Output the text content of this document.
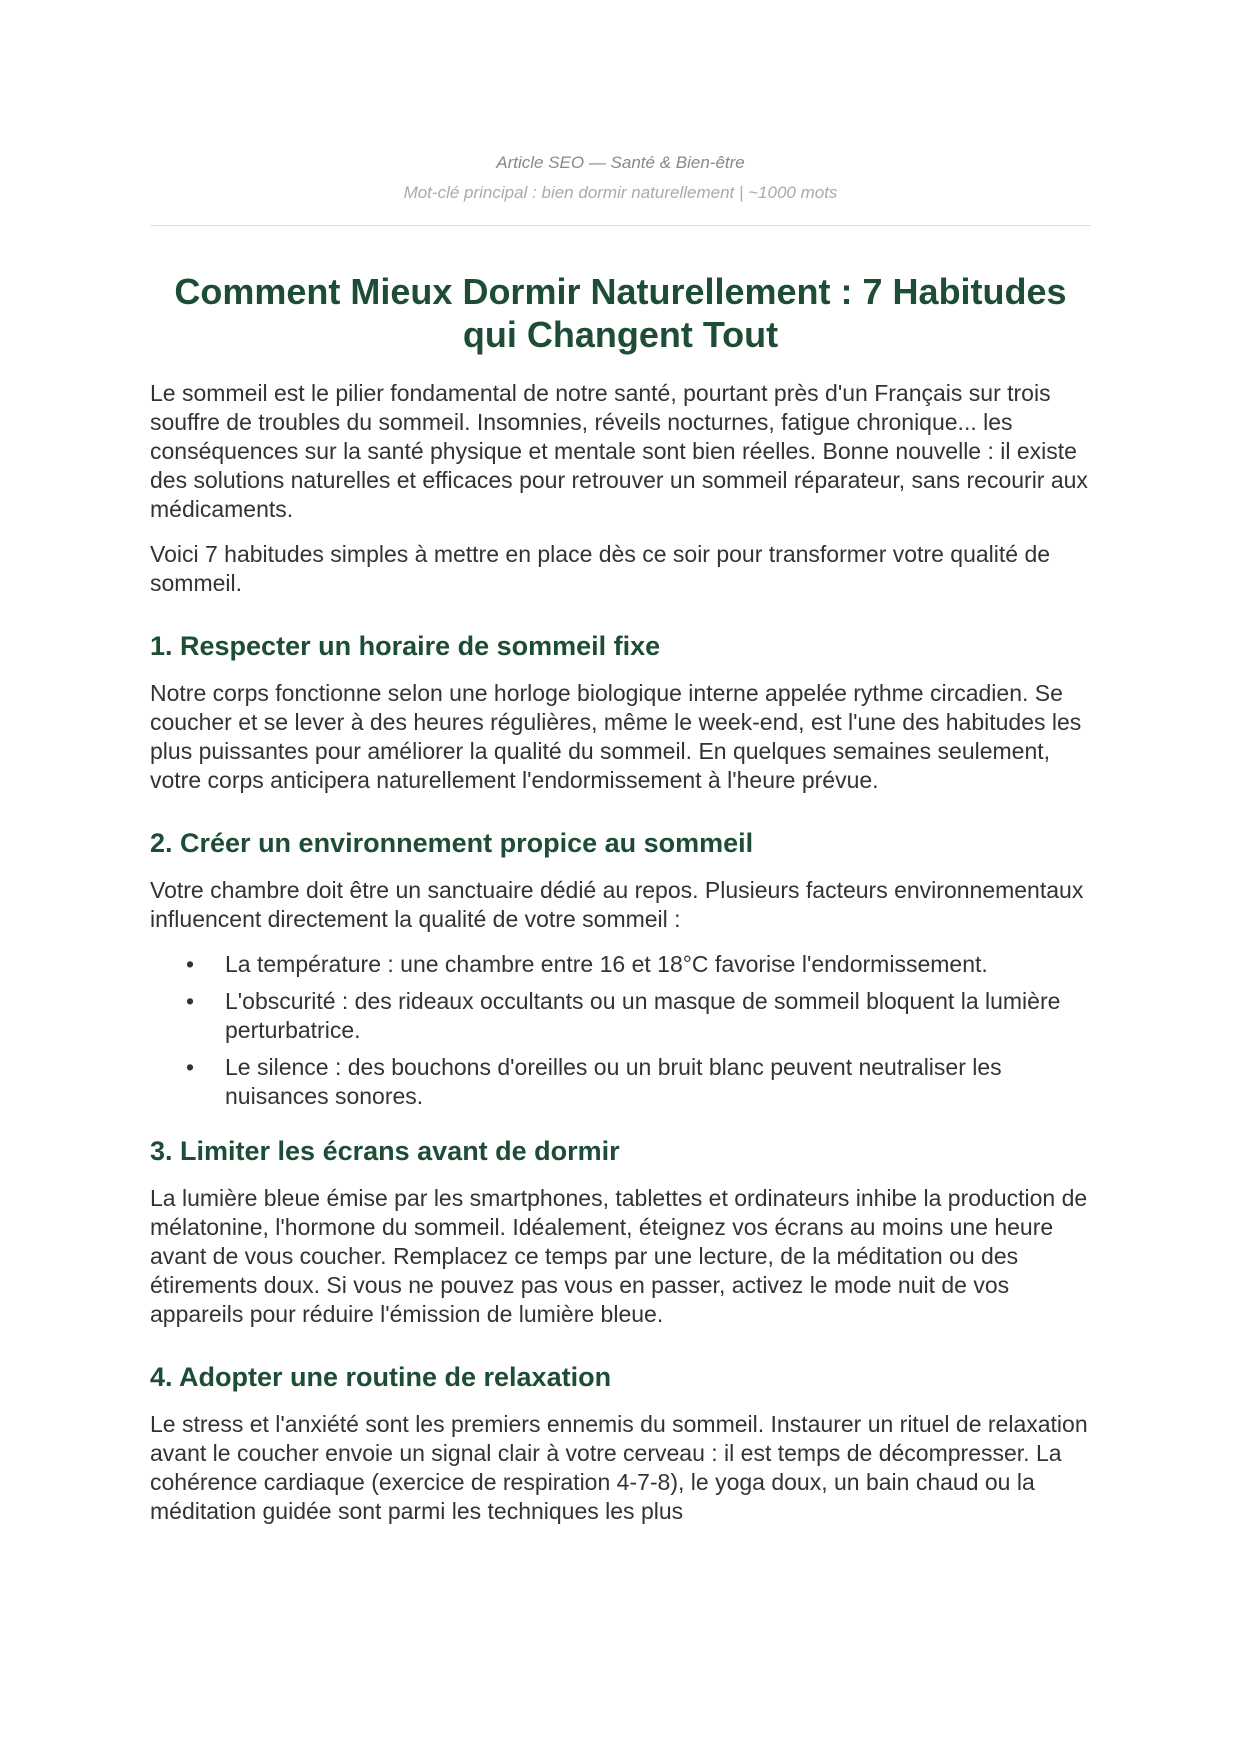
Article SEO — Santé & Bien-être
Mot-clé principal : bien dormir naturellement | ~1000 mots
Comment Mieux Dormir Naturellement : 7 Habitudes qui Changent Tout

Le sommeil est le pilier fondamental de notre santé, pourtant près d'un Français sur trois souffre de troubles du sommeil. Insomnies, réveils nocturnes, fatigue chronique... les conséquences sur la santé physique et mentale sont bien réelles. Bonne nouvelle : il existe des solutions naturelles et efficaces pour retrouver un sommeil réparateur, sans recourir aux médicaments.

Voici 7 habitudes simples à mettre en place dès ce soir pour transformer votre qualité de sommeil.

1. Respecter un horaire de sommeil fixe

Notre corps fonctionne selon une horloge biologique interne appelée rythme circadien. Se coucher et se lever à des heures régulières, même le week-end, est l'une des habitudes les plus puissantes pour améliorer la qualité du sommeil. En quelques semaines seulement, votre corps anticipera naturellement l'endormissement à l'heure prévue.

2. Créer un environnement propice au sommeil

Votre chambre doit être un sanctuaire dédié au repos. Plusieurs facteurs environnementaux influencent directement la qualité de votre sommeil :

• La température : une chambre entre 16 et 18°C favorise l'endormissement.
• L'obscurité : des rideaux occultants ou un masque de sommeil bloquent la lumière perturbatrice.
• Le silence : des bouchons d'oreilles ou un bruit blanc peuvent neutraliser les nuisances sonores.
3. Limiter les écrans avant de dormir

La lumière bleue émise par les smartphones, tablettes et ordinateurs inhibe la production de mélatonine, l'hormone du sommeil. Idéalement, éteignez vos écrans au moins une heure avant de vous coucher. Remplacez ce temps par une lecture, de la méditation ou des étirements doux. Si vous ne pouvez pas vous en passer, activez le mode nuit de vos appareils pour réduire l'émission de lumière bleue.

4. Adopter une routine de relaxation

Le stress et l'anxiété sont les premiers ennemis du sommeil. Instaurer un rituel de relaxation avant le coucher envoie un signal clair à votre cerveau : il est temps de décompresser. La cohérence cardiaque (exercice de respiration 4-7-8), le yoga doux, un bain chaud ou la méditation guidée sont parmi les techniques les plus
